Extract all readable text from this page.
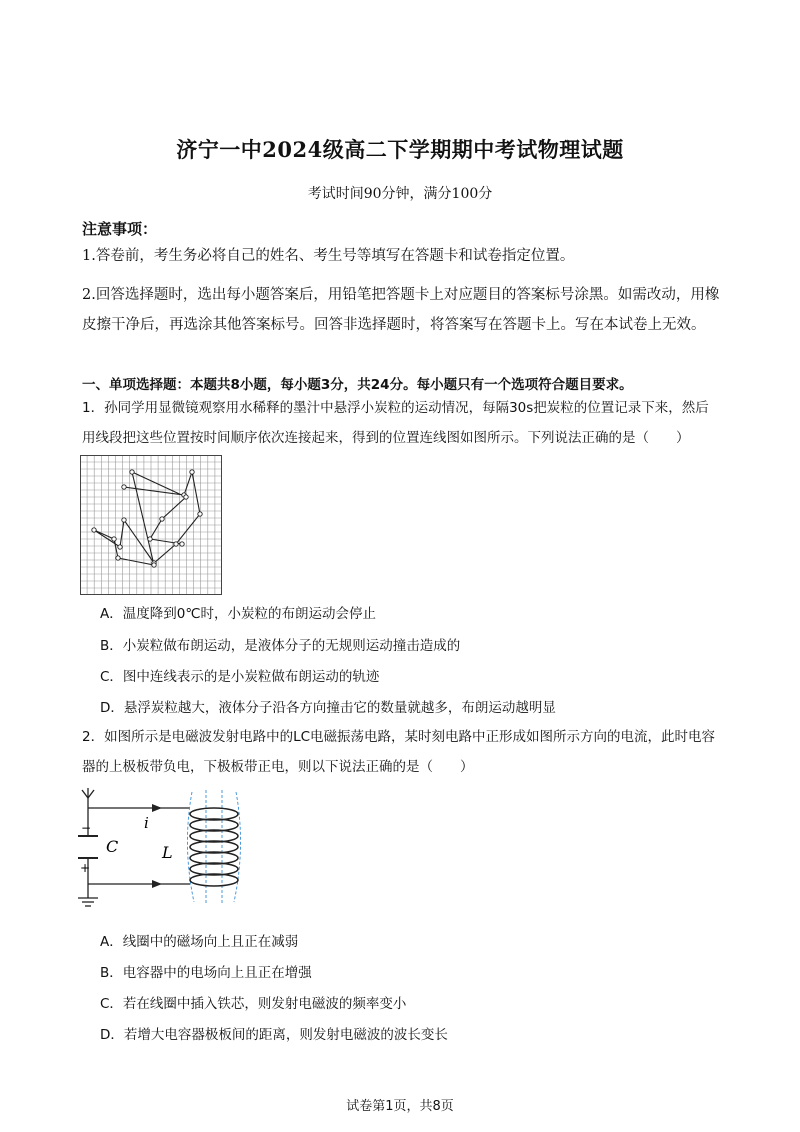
济宁一中2024级高二下学期期中考试物理试题
考试时间90分钟，满分100分
注意事项：
1.答卷前，考生务必将自己的姓名、考生号等填写在答题卡和试卷指定位置。
2.回答选择题时，选出每小题答案后，用铅笔把答题卡上对应题目的答案标号涂黑。如需改动，用橡皮擦干净后，再选涂其他答案标号。回答非选择题时，将答案写在答题卡上。写在本试卷上无效。
一、单项选择题：本题共8小题，每小题3分，共24分。每小题只有一个选项符合题目要求。
1．孙同学用显微镜观察用水稀释的墨汁中悬浮小炭粒的运动情况，每隔30s把炭粒的位置记录下来，然后用线段把这些位置按时间顺序依次连接起来，得到的位置连线图如图所示。下列说法正确的是（　　）
A．温度降到0℃时，小炭粒的布朗运动会停止
B．小炭粒做布朗运动，是液体分子的无规则运动撞击造成的
C．图中连线表示的是小炭粒做布朗运动的轨迹
D．悬浮炭粒越大，液体分子沿各方向撞击它的数量就越多，布朗运动越明显
2．如图所示是电磁波发射电路中的LC电磁振荡电路，某时刻电路中正形成如图所示方向的电流，此时电容器的上极板带负电，下极板带正电，则以下说法正确的是（　　）
−
+
C
i
L
A．线圈中的磁场向上且正在减弱
B．电容器中的电场向上且正在增强
C．若在线圈中插入铁芯，则发射电磁波的频率变小
D．若增大电容器极板间的距离，则发射电磁波的波长变长
试卷第1页，共8页
